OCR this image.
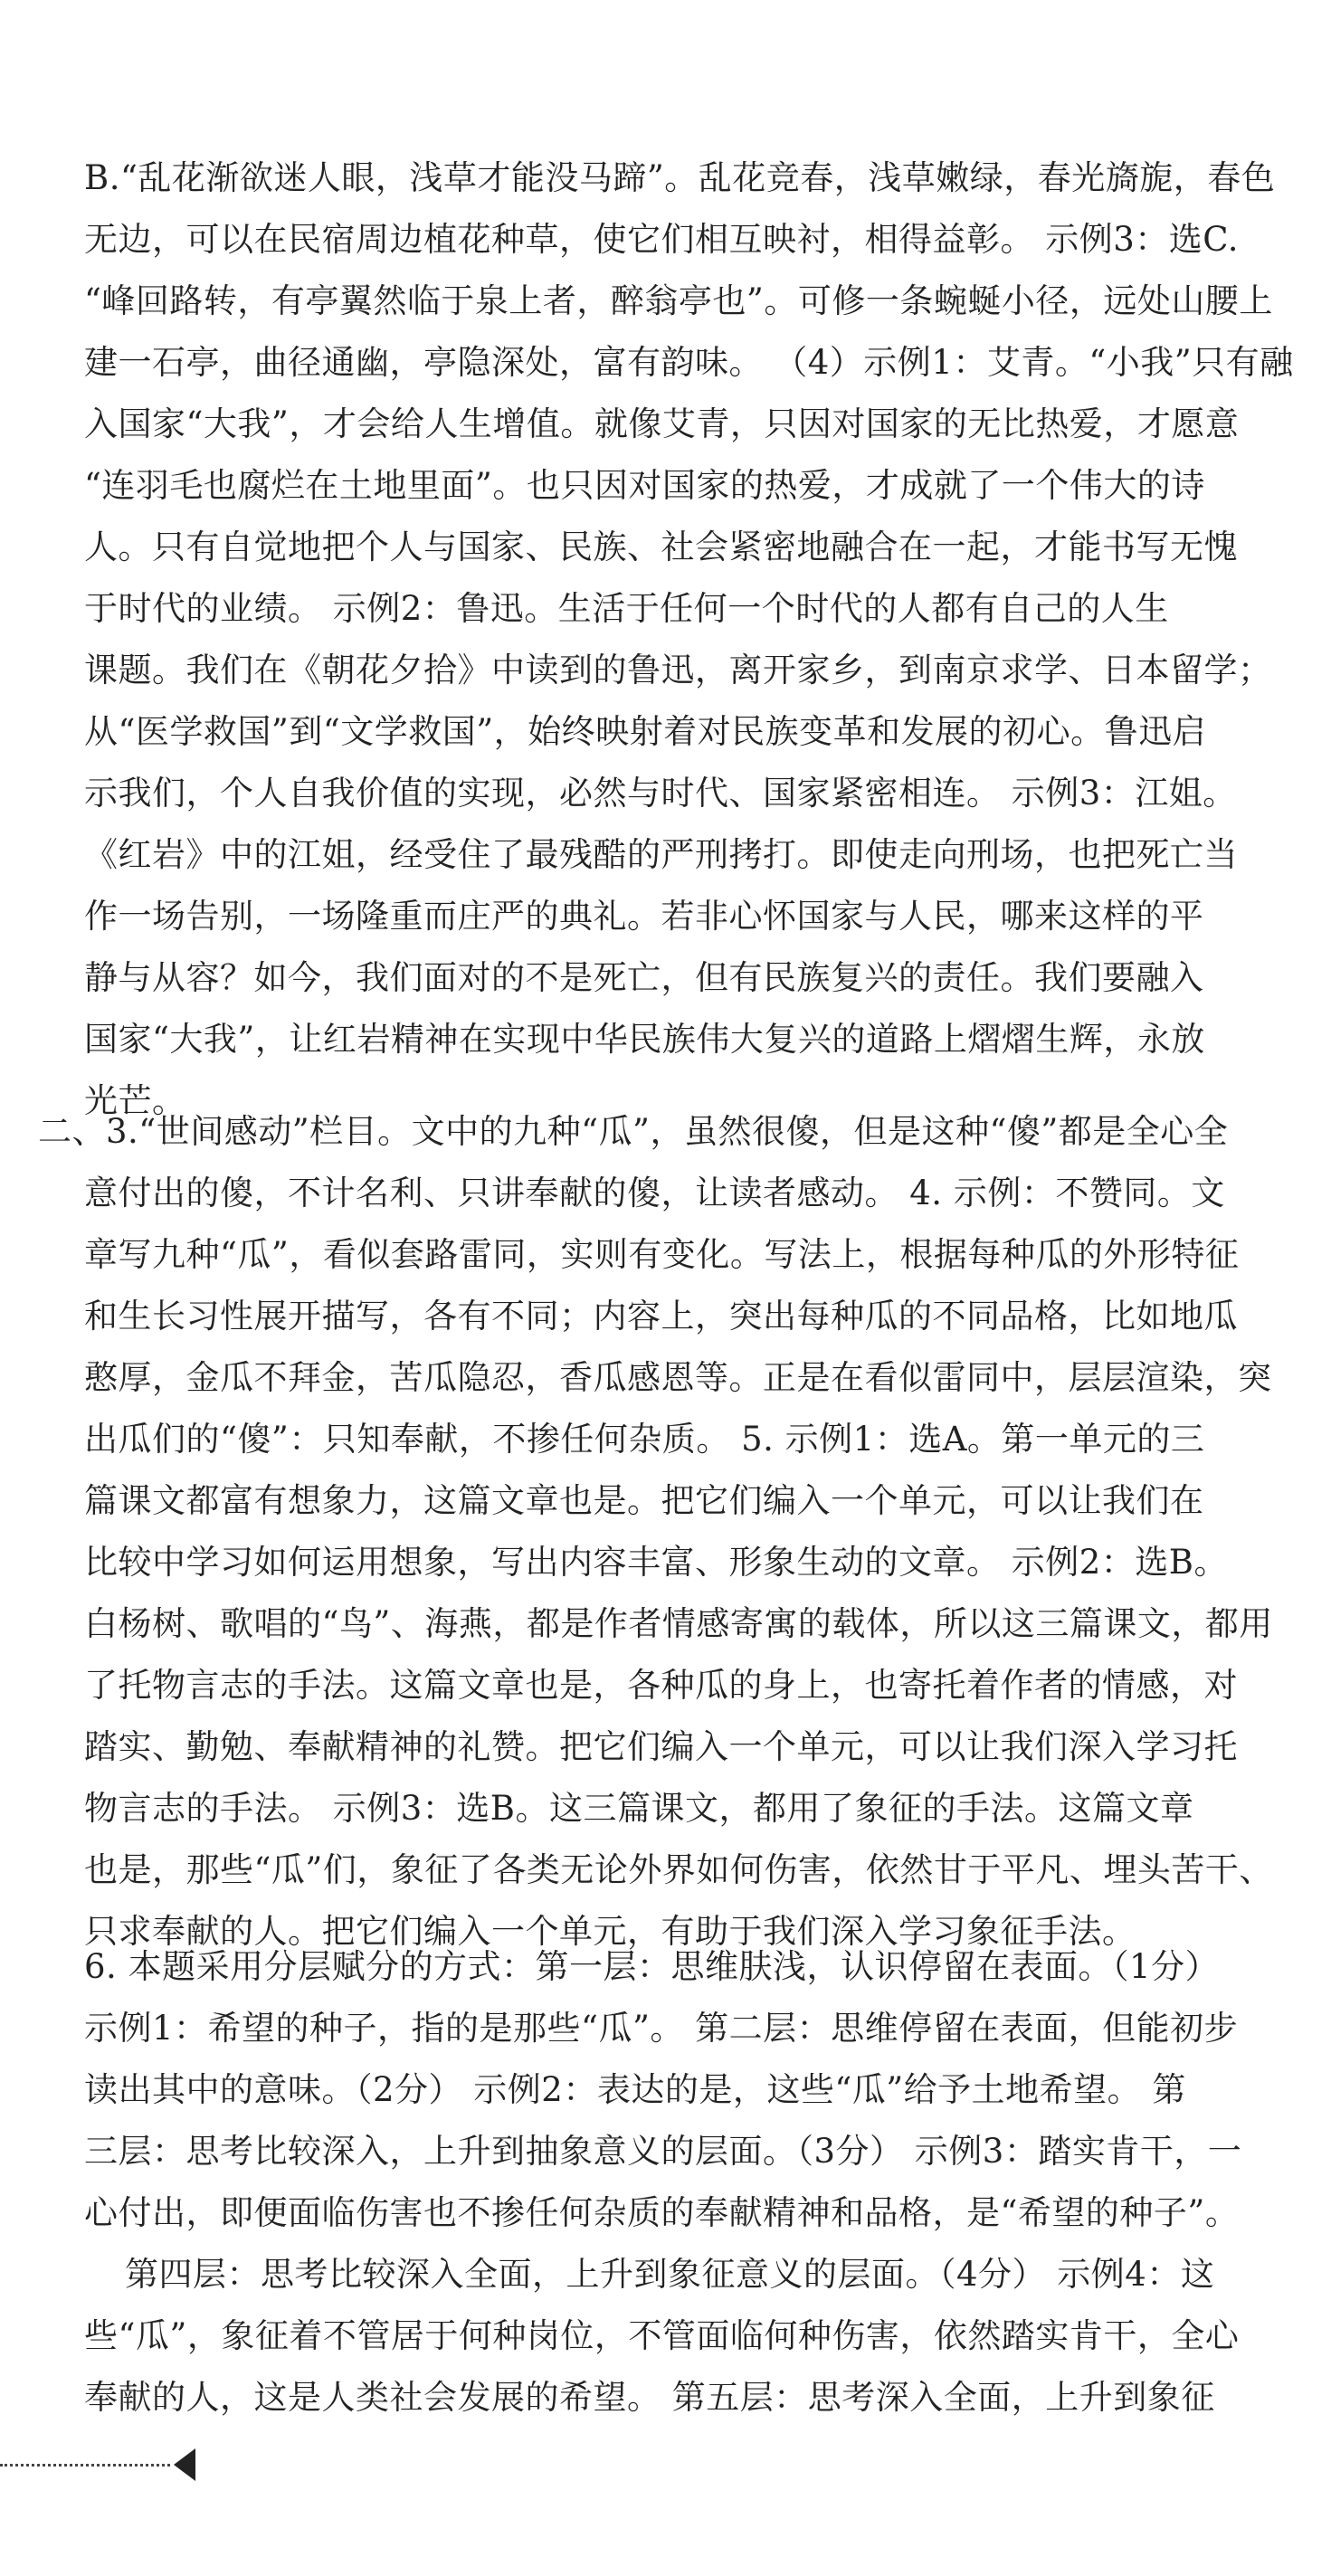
B.“乱花渐欲迷人眼，浅草才能没马蹄”。乱花竞春，浅草嫩绿，春光旖旎，春色
无边，可以在民宿周边植花种草，使它们相互映衬，相得益彰。 示例3：选C.
“峰回路转，有亭翼然临于泉上者，醉翁亭也”。可修一条蜿蜒小径，远处山腰上
建一石亭，曲径通幽，亭隐深处，富有韵味。 （4）示例1：艾青。“小我”只有融
入国家“大我”，才会给人生增值。就像艾青，只因对国家的无比热爱，才愿意
“连羽毛也腐烂在土地里面”。也只因对国家的热爱，才成就了一个伟大的诗
人。只有自觉地把个人与国家、民族、社会紧密地融合在一起，才能书写无愧
于时代的业绩。 示例2：鲁迅。生活于任何一个时代的人都有自己的人生
课题。我们在《朝花夕拾》中读到的鲁迅，离开家乡，到南京求学、日本留学；
从“医学救国”到“文学救国”，始终映射着对民族变革和发展的初心。鲁迅启
示我们，个人自我价值的实现，必然与时代、国家紧密相连。 示例3：江姐。
《红岩》中的江姐，经受住了最残酷的严刑拷打。即使走向刑场，也把死亡当
作一场告别，一场隆重而庄严的典礼。若非心怀国家与人民，哪来这样的平
静与从容？如今，我们面对的不是死亡，但有民族复兴的责任。我们要融入
国家“大我”，让红岩精神在实现中华民族伟大复兴的道路上熠熠生辉，永放
光芒。
二、3.“世间感动”栏目。文中的九种“瓜”，虽然很傻，但是这种“傻”都是全心全
意付出的傻，不计名利、只讲奉献的傻，让读者感动。 4. 示例：不赞同。文
章写九种“瓜”，看似套路雷同，实则有变化。写法上，根据每种瓜的外形特征
和生长习性展开描写，各有不同；内容上，突出每种瓜的不同品格，比如地瓜
憨厚，金瓜不拜金，苦瓜隐忍，香瓜感恩等。正是在看似雷同中，层层渲染，突
出瓜们的“傻”：只知奉献，不掺任何杂质。 5. 示例1：选A。第一单元的三
篇课文都富有想象力，这篇文章也是。把它们编入一个单元，可以让我们在
比较中学习如何运用想象，写出内容丰富、形象生动的文章。 示例2：选B。
白杨树、歌唱的“鸟”、海燕，都是作者情感寄寓的载体，所以这三篇课文，都用
了托物言志的手法。这篇文章也是，各种瓜的身上，也寄托着作者的情感，对
踏实、勤勉、奉献精神的礼赞。把它们编入一个单元，可以让我们深入学习托
物言志的手法。 示例3：选B。这三篇课文，都用了象征的手法。这篇文章
也是，那些“瓜”们，象征了各类无论外界如何伤害，依然甘于平凡、埋头苦干、
只求奉献的人。把它们编入一个单元，有助于我们深入学习象征手法。
6. 本题采用分层赋分的方式：第一层：思维肤浅，认识停留在表面。（1分）
示例1：希望的种子，指的是那些“瓜”。 第二层：思维停留在表面，但能初步
读出其中的意味。（2分） 示例2：表达的是，这些“瓜”给予土地希望。 第
三层：思考比较深入，上升到抽象意义的层面。（3分） 示例3：踏实肯干，一
心付出，即便面临伤害也不掺任何杂质的奉献精神和品格，是“希望的种子”。
第四层：思考比较深入全面，上升到象征意义的层面。（4分） 示例4：这
些“瓜”，象征着不管居于何种岗位，不管面临何种伤害，依然踏实肯干，全心
奉献的人，这是人类社会发展的希望。 第五层：思考深入全面，上升到象征
